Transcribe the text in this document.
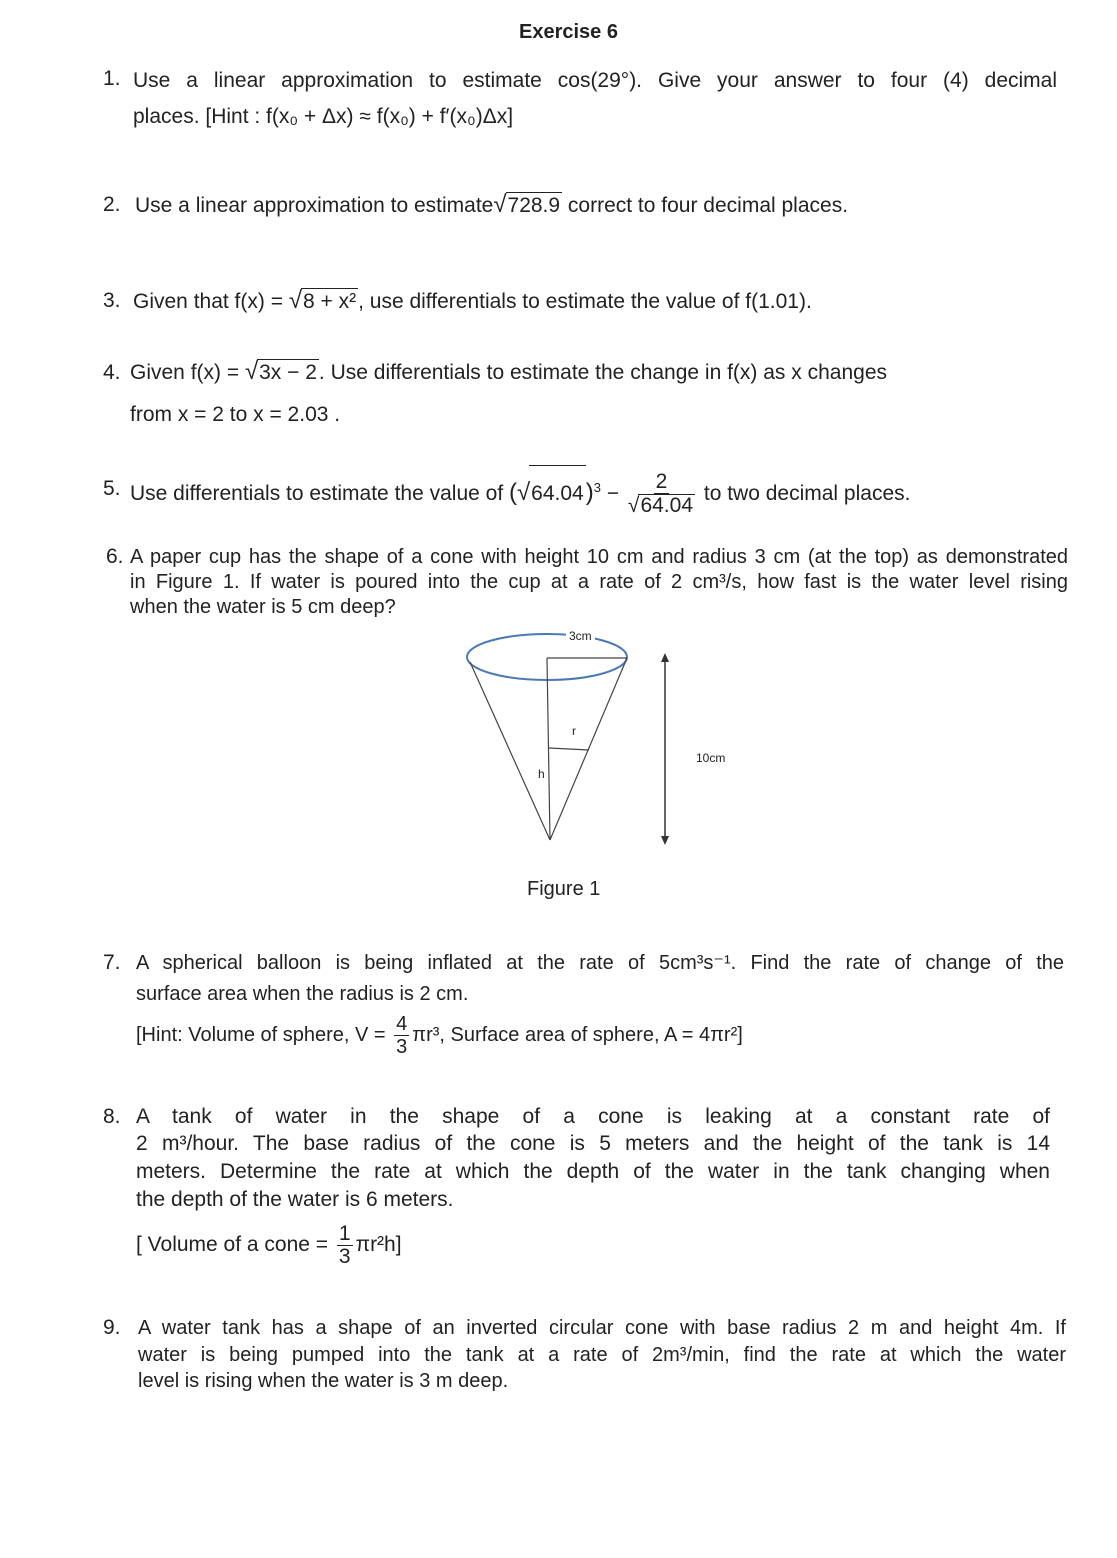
Exercise 6
1. Use a linear approximation to estimate cos(29°). Give your answer to four (4) decimal
places. [Hint : f(x₀ + Δx) ≈ f(x₀) + f′(x₀)Δx]
2. Use a linear approximation to estimate√728.9 correct to four decimal places.
3. Given that f(x) = √8 + x², use differentials to estimate the value of f(1.01).
4. Given f(x) = √3x − 2. Use differentials to estimate the change in f(x) as x changes
from x = 2 to x = 2.03 .
5. Use differentials to estimate the value of $(√64.04)^3 - \frac{2}{√64.04}$ to two decimal places.
6. A paper cup has the shape of a cone with height 10 cm and radius 3 cm (at the top) as demonstrated
in Figure 1. If water is poured into the cup at a rate of 2 cm³/s, how fast is the water level rising
when the water is 5 cm deep?
3cm
r
h
10cm
Figure 1
7. A spherical balloon is being inflated at the rate of 5cm³s⁻¹. Find the rate of change of the
surface area when the radius is 2 cm.
[Hint: Volume of sphere, $V = \frac{4}{3} \pi r^3$, Surface area of sphere, A = 4πr²]
8. A tank of water in the shape of a cone is leaking at a constant rate of
2 m³/hour. The base radius of the cone is 5 meters and the height of the tank is 14
meters. Determine the rate at which the depth of the water in the tank changing when
the depth of the water is 6 meters.
[ Volume of a cone = $\frac{1}{3} \pi r^2h$]
9. A water tank has a shape of an inverted circular cone with base radius 2 m and height 4m. If
water is being pumped into the tank at a rate of 2m³/min, find the rate at which the water
level is rising when the water is 3 m deep.
